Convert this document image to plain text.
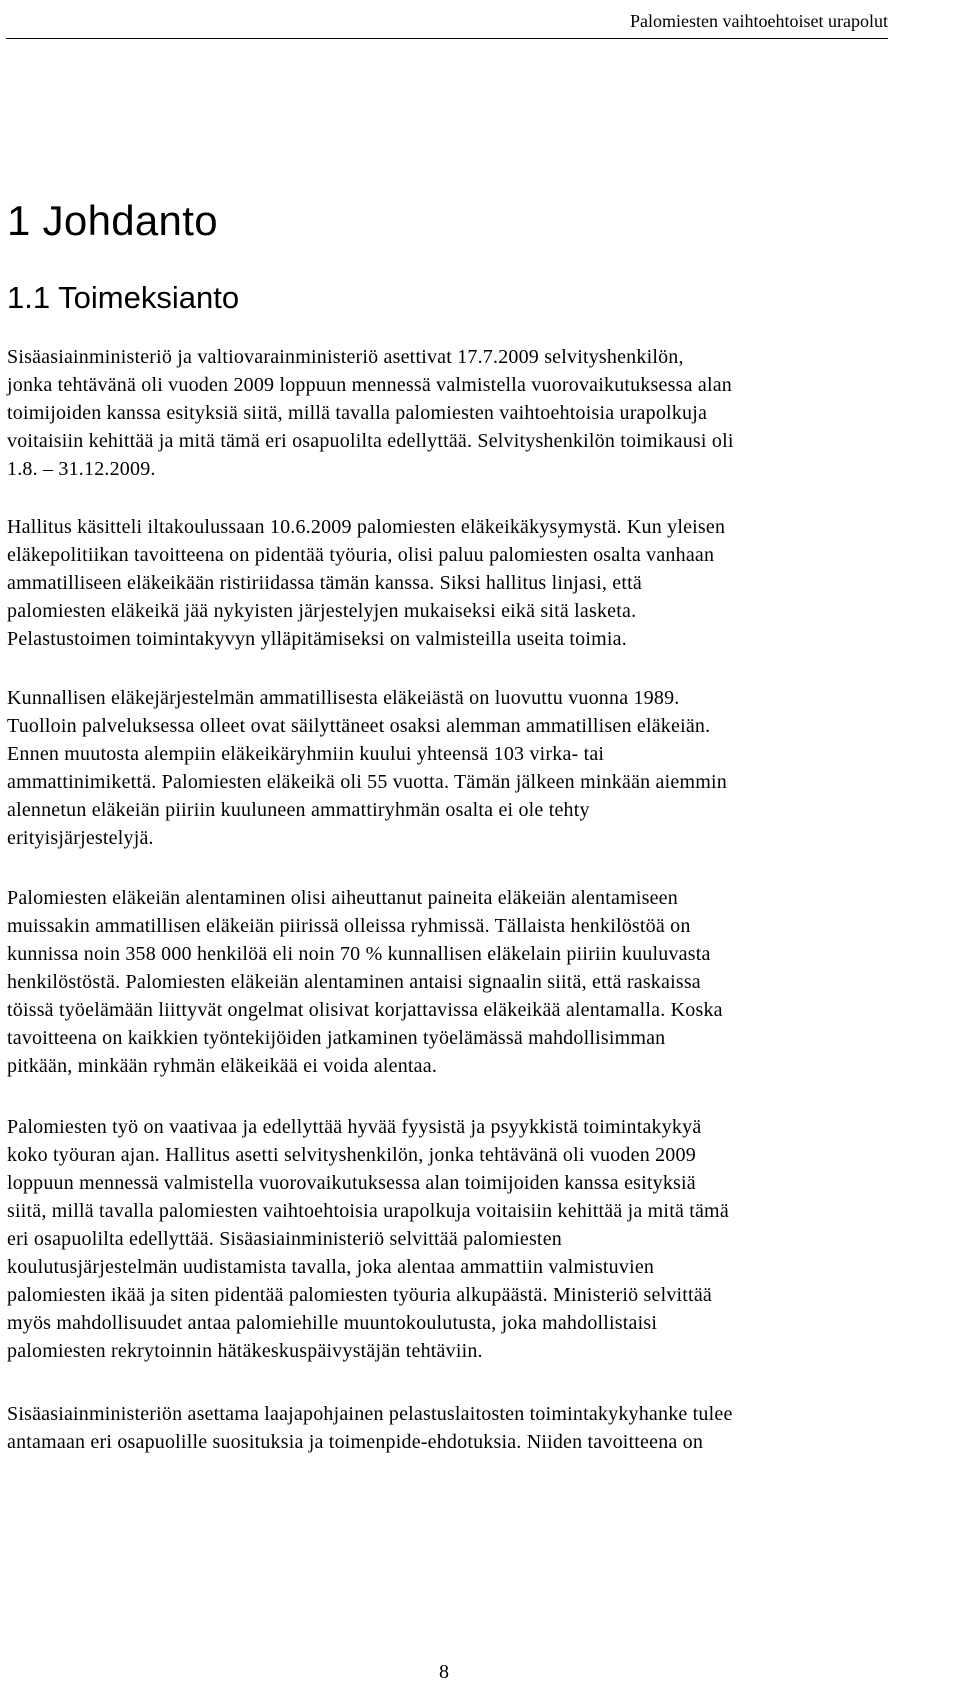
Palomiesten vaihtoehtoiset urapolut
1 Johdanto
1.1 Toimeksianto
Sisäasiainministeriö ja valtiovarainministeriö asettivat 17.7.2009 selvityshenkilön,
jonka tehtävänä oli vuoden 2009 loppuun mennessä valmistella vuorovaikutuksessa alan
toimijoiden kanssa esityksiä siitä, millä tavalla palomiesten vaihtoehtoisia urapolkuja
voitaisiin kehittää ja mitä tämä eri osapuolilta edellyttää. Selvityshenkilön toimikausi oli
1.8. – 31.12.2009.
Hallitus käsitteli iltakoulussaan 10.6.2009 palomiesten eläkeikäkysymystä. Kun yleisen
eläkepolitiikan tavoitteena on pidentää työuria, olisi paluu palomiesten osalta vanhaan
ammatilliseen eläkeikään ristiriidassa tämän kanssa. Siksi hallitus linjasi, että
palomiesten eläkeikä jää nykyisten järjestelyjen mukaiseksi eikä sitä lasketa.
Pelastustoimen toimintakyvyn ylläpitämiseksi on valmisteilla useita toimia.
Kunnallisen eläkejärjestelmän ammatillisesta eläkeiästä on luovuttu vuonna 1989.
Tuolloin palveluksessa olleet ovat säilyttäneet osaksi alemman ammatillisen eläkeiän.
Ennen muutosta alempiin eläkeikäryhmiin kuului yhteensä 103 virka- tai
ammattinimikettä. Palomiesten eläkeikä oli 55 vuotta. Tämän jälkeen minkään aiemmin
alennetun eläkeiän piiriin kuuluneen ammattiryhmän osalta ei ole tehty
erityisjärjestelyjä.
Palomiesten eläkeiän alentaminen olisi aiheuttanut paineita eläkeiän alentamiseen
muissakin ammatillisen eläkeiän piirissä olleissa ryhmissä. Tällaista henkilöstöä on
kunnissa noin 358 000 henkilöä eli noin 70 % kunnallisen eläkelain piiriin kuuluvasta
henkilöstöstä. Palomiesten eläkeiän alentaminen antaisi signaalin siitä, että raskaissa
töissä työelämään liittyvät ongelmat olisivat korjattavissa eläkeikää alentamalla. Koska
tavoitteena on kaikkien työntekijöiden jatkaminen työelämässä mahdollisimman
pitkään, minkään ryhmän eläkeikää ei voida alentaa.
Palomiesten työ on vaativaa ja edellyttää hyvää fyysistä ja psyykkistä toimintakykyä
koko työuran ajan. Hallitus asetti selvityshenkilön, jonka tehtävänä oli vuoden 2009
loppuun mennessä valmistella vuorovaikutuksessa alan toimijoiden kanssa esityksiä
siitä, millä tavalla palomiesten vaihtoehtoisia urapolkuja voitaisiin kehittää ja mitä tämä
eri osapuolilta edellyttää. Sisäasiainministeriö selvittää palomiesten
koulutusjärjestelmän uudistamista tavalla, joka alentaa ammattiin valmistuvien
palomiesten ikää ja siten pidentää palomiesten työuria alkupäästä. Ministeriö selvittää
myös mahdollisuudet antaa palomiehille muuntokoulutusta, joka mahdollistaisi
palomiesten rekrytoinnin hätäkeskuspäivystäjän tehtäviin.
Sisäasiainministeriön asettama laajapohjainen pelastuslaitosten toimintakykyhanke tulee
antamaan eri osapuolille suosituksia ja toimenpide-ehdotuksia. Niiden tavoitteena on
8
